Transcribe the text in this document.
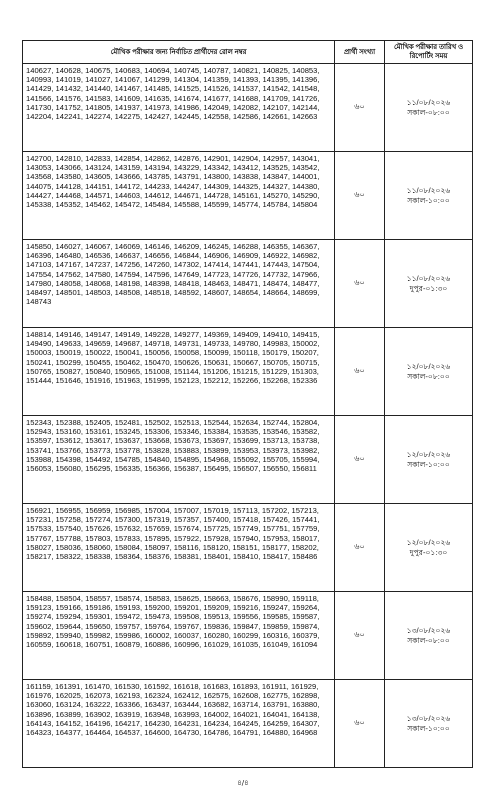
মৌখিক পরীক্ষার জন্য নির্বাচিত প্রার্থীদের রোল নম্বর	প্রার্থী সংখ্যা	মৌখিক পরীক্ষার তারিখ ও রিপোর্টিং সময়
140627, 140628, 140675, 140683, 140694, 140745, 140787, 140821, 140825, 140853, 140993, 141019, 141027, 141067, 141299, 141304, 141359, 141393, 141395, 141396, 141429, 141432, 141440, 141467, 141485, 141525, 141526, 141537, 141542, 141548, 141566, 141576, 141583, 141609, 141635, 141674, 141677, 141688, 141709, 141726, 141730, 141752, 141805, 141937, 141973, 141986, 142049, 142082, 142107, 142144, 142204, 142241, 142274, 142275, 142427, 142445, 142558, 142586, 142661, 142663	৬০	১১/০৮/২০২৬
সকাল-০৮:০০

142700, 142810, 142833, 142854, 142862, 142876, 142901, 142904, 142957, 143041, 143053, 143066, 143124, 143159, 143194, 143229, 143342, 143412, 143525, 143542, 143568, 143580, 143605, 143666, 143785, 143791, 143800, 143838, 143847, 144001, 144075, 144128, 144151, 144172, 144233, 144247, 144309, 144325, 144327, 144380, 144427, 144468, 144571, 144603, 144612, 144671, 144728, 145161, 145270, 145290, 145338, 145352, 145462, 145472, 145484, 145588, 145599, 145774, 145784, 145804	৬০	১১/০৮/২০২৬
সকাল-১০:০০

145850, 146027, 146067, 146069, 146146, 146209, 146245, 146288, 146355, 146367, 146396, 146480, 146536, 146637, 146656, 146844, 146906, 146909, 146922, 146982, 147103, 147167, 147237, 147256, 147260, 147302, 147414, 147441, 147443, 147504, 147554, 147562, 147580, 147594, 147596, 147649, 147723, 147726, 147732, 147966, 147980, 148058, 148068, 148198, 148398, 148418, 148463, 148471, 148474, 148477, 148497, 148501, 148503, 148508, 148518, 148592, 148607, 148654, 148664, 148699, 148743	৬০	১১/০৮/২০২৬
দুপুর-০১:৩০

148814, 149146, 149147, 149149, 149228, 149277, 149369, 149409, 149410, 149415, 149490, 149633, 149659, 149687, 149718, 149731, 149733, 149780, 149983, 150002, 150003, 150019, 150022, 150041, 150056, 150058, 150099, 150118, 150179, 150207, 150241, 150299, 150455, 150462, 150470, 150626, 150631, 150667, 150705, 150715, 150765, 150827, 150840, 150965, 151008, 151144, 151206, 151215, 151229, 151303, 151444, 151646, 151916, 151963, 151995, 152123, 152212, 152266, 152268, 152336	৬০	১২/০৮/২০২৬
সকাল-০৮:০০

152343, 152388, 152405, 152481, 152502, 152513, 152544, 152634, 152744, 152804, 152943, 153160, 153161, 153245, 153306, 153346, 153384, 153535, 153546, 153582, 153597, 153612, 153617, 153637, 153668, 153673, 153697, 153699, 153713, 153738, 153741, 153766, 153773, 153778, 153828, 153883, 153899, 153953, 153973, 153982, 153988, 154398, 154492, 154785, 154840, 154895, 154968, 155092, 155705, 155994, 156053, 156080, 156295, 156335, 156366, 156387, 156495, 156507, 156550, 156811	৬০	১২/০৮/২০২৬
সকাল-১০:০০

156921, 156955, 156959, 156985, 157004, 157007, 157019, 157113, 157202, 157213, 157231, 157258, 157274, 157300, 157319, 157357, 157400, 157418, 157426, 157441, 157533, 157540, 157626, 157632, 157659, 157674, 157725, 157749, 157751, 157759, 157767, 157788, 157803, 157833, 157895, 157922, 157928, 157940, 157953, 158017, 158027, 158036, 158060, 158084, 158097, 158116, 158120, 158151, 158177, 158202, 158217, 158322, 158338, 158364, 158376, 158381, 158401, 158410, 158417, 158486	৬০	১২/০৮/২০২৬
দুপুর-০১:৩০

158488, 158504, 158557, 158574, 158583, 158625, 158663, 158676, 158990, 159118, 159123, 159166, 159186, 159193, 159200, 159201, 159209, 159216, 159247, 159264, 159274, 159294, 159301, 159472, 159473, 159508, 159513, 159556, 159585, 159587, 159602, 159644, 159650, 159757, 159764, 159767, 159836, 159847, 159859, 159874, 159892, 159940, 159982, 159986, 160002, 160037, 160280, 160299, 160316, 160379, 160559, 160618, 160751, 160879, 160886, 160996, 161029, 161035, 161049, 161094	৬০	১৩/০৮/২০২৬
সকাল-০৮:০০

161159, 161391, 161470, 161530, 161592, 161618, 161683, 161893, 161911, 161929, 161976, 162025, 162073, 162193, 162324, 162412, 162575, 162608, 162775, 162898, 163060, 163124, 163222, 163366, 163437, 163444, 163682, 163714, 163791, 163880, 163896, 163899, 163902, 163919, 163948, 163993, 164002, 164021, 164041, 164138, 164143, 164152, 164196, 164217, 164230, 164231, 164234, 164245, 164259, 164307, 164323, 164377, 164464, 164537, 164600, 164730, 164786, 164791, 164880, 164968	৬০	১৩/০৮/২০২৬
সকাল-১০:০০
৪/৪
